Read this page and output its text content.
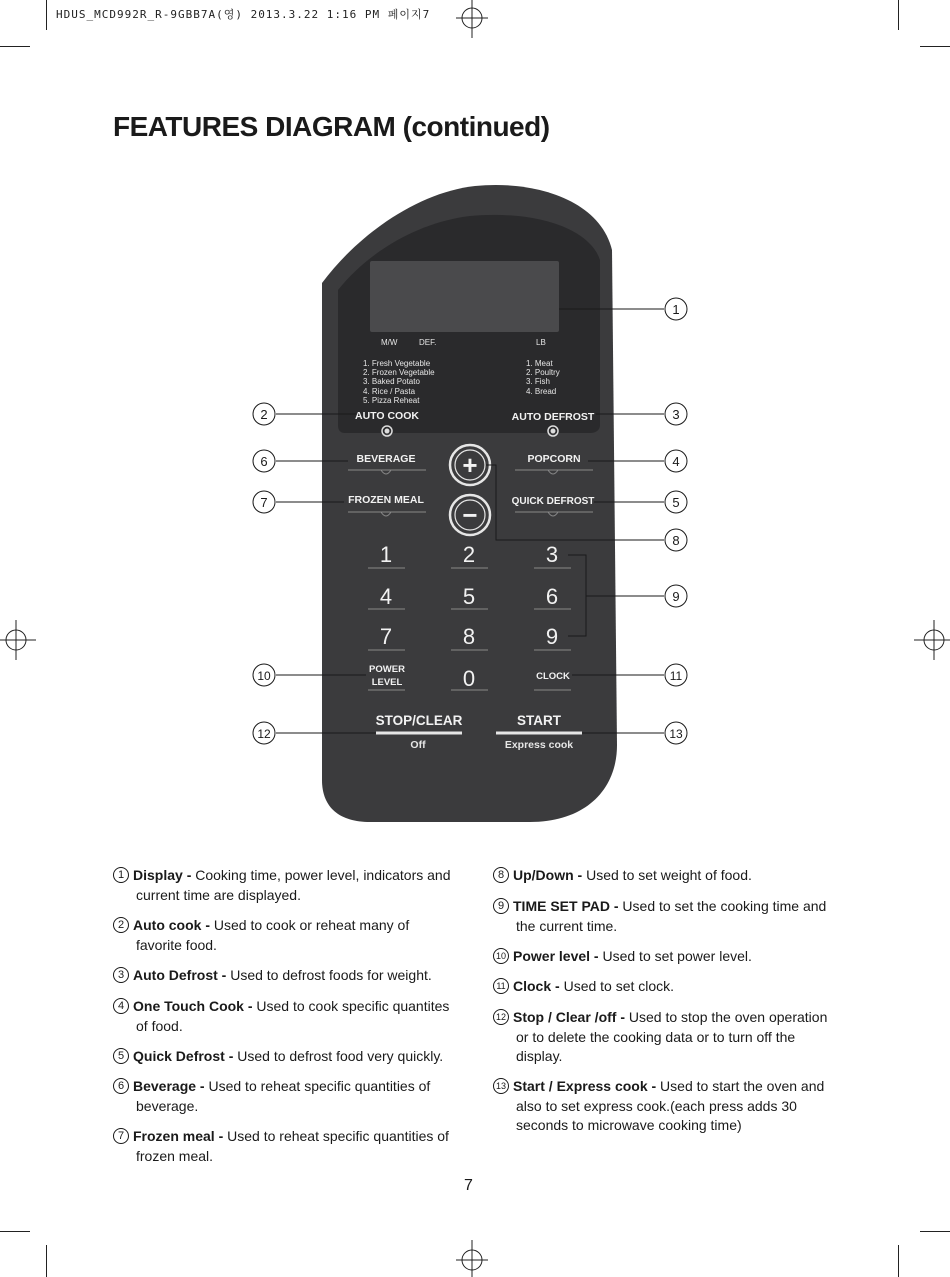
HDUS_MCD992R_R-9GBB7A(영) 2013.3.22 1:16 PM 페이지7
FEATURES DIAGRAM (continued)
M/W	DEF.	LB
1. Fresh Vegetable
2. Frozen Vegetable
3. Baked Potato
4. Rice / Pasta
5. Pizza Reheat
1. Meat
2. Poultry
3. Fish
4. Bread
AUTO COOK	AUTO DEFROST
BEVERAGE	POPCORN
FROZEN MEAL	QUICK DEFROST
+
−
1	2	3
4	5	6
7	8	9
0
POWER
LEVEL
CLOCK
STOP/CLEAR
Off
START
Express cook
1
2	3
4
5
6
7
8
9
10	11
12	13
1 Display - Cooking time, power level, indicators and
current time are displayed.
2 Auto cook - Used to cook or reheat many of
favorite food.
3 Auto Defrost - Used to defrost foods for weight.
4 One Touch Cook - Used to cook specific quantites
of food.
5 Quick Defrost - Used to defrost food very quickly.
6 Beverage - Used to reheat specific quantities of
beverage.
7 Frozen meal - Used to reheat specific quantities of
frozen meal.
8 Up/Down - Used to set weight of food.
9 TIME SET PAD - Used to set the cooking time and
the current time.
10 Power level - Used to set power level.
11 Clock - Used to set clock.
12 Stop / Clear /off - Used to stop the oven operation
or to delete the cooking data or to turn off the display.
13 Start / Express cook - Used to start the oven and
also to set express cook.(each press adds 30 seconds to microwave cooking time)
7
